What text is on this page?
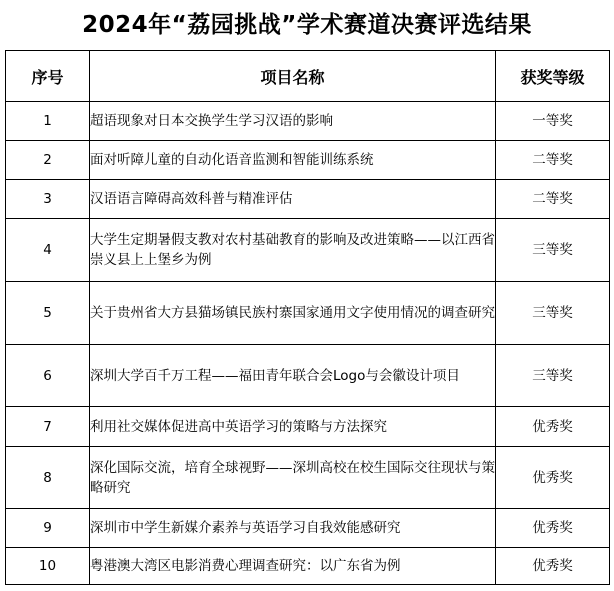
2024年“荔园挑战”学术赛道决赛评选结果
序号	项目名称	获奖等级
1	超语现象对日本交换学生学习汉语的影响	一等奖
2	面对听障儿童的自动化语音监测和智能训练系统	二等奖
3	汉语语言障碍高效科普与精准评估	二等奖
4	大学生定期暑假支教对农村基础教育的影响及改进策略——以江西省崇义县上上堡乡为例	三等奖
5	关于贵州省大方县猫场镇民族村寨国家通用文字使用情况的调查研究	三等奖
6	深圳大学百千万工程——福田青年联合会Logo与会徽设计项目	三等奖
7	利用社交媒体促进高中英语学习的策略与方法探究	优秀奖
8	深化国际交流，培育全球视野——深圳高校在校生国际交往现状与策略研究	优秀奖
9	深圳市中学生新媒介素养与英语学习自我效能感研究	优秀奖
10	粤港澳大湾区电影消费心理调查研究：以广东省为例	优秀奖
